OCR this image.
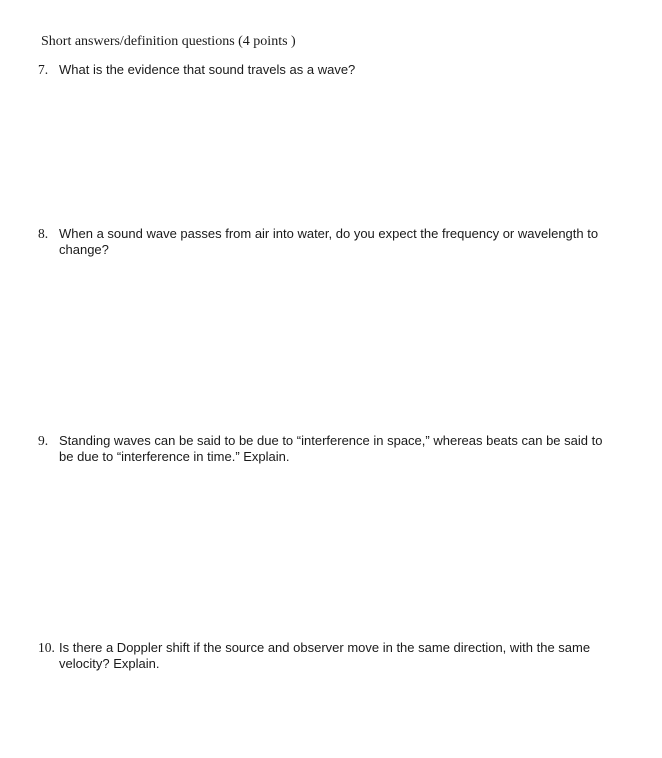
Short answers/definition questions (4 points )
7. What is the evidence that sound travels as a wave?
8. When a sound wave passes from air into water, do you expect the frequency or wavelength to change?
9. Standing waves can be said to be due to “interference in space,” whereas beats can be said to be due to “interference in time.” Explain.
10. Is there a Doppler shift if the source and observer move in the same direction, with the same velocity? Explain.
